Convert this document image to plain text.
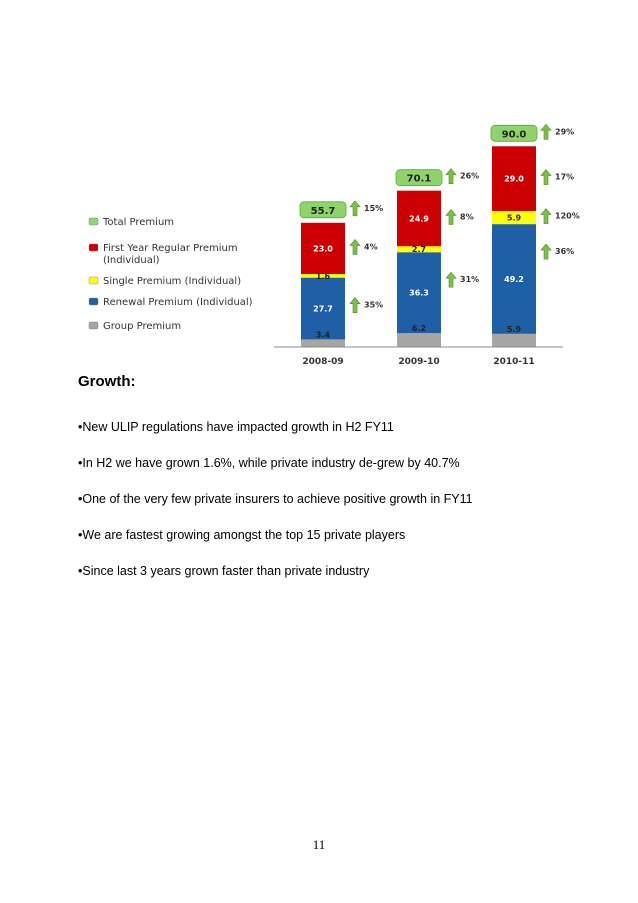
Total Premium
First Year Regular Premium
(Individual)
Single Premium (Individual)
Renewal Premium (Individual)
Group Premium
3.4
27.7
1.6
23.0
55.7	15%
35%
4%
2008-09
6.2
36.3
2.7
24.9
70.1	26%
31%
8%
2009-10
5.9
49.2
5.9
29.0
90.0	29%
36%
120%
17%
2010-11
Growth:
•New ULIP regulations have impacted growth in H2 FY11
•In H2 we have grown 1.6%, while private industry de-grew by 40.7%
•One of the very few private insurers to achieve positive growth in FY11
•We are fastest growing amongst the top 15 private players
•Since last 3 years grown faster than private industry
11
